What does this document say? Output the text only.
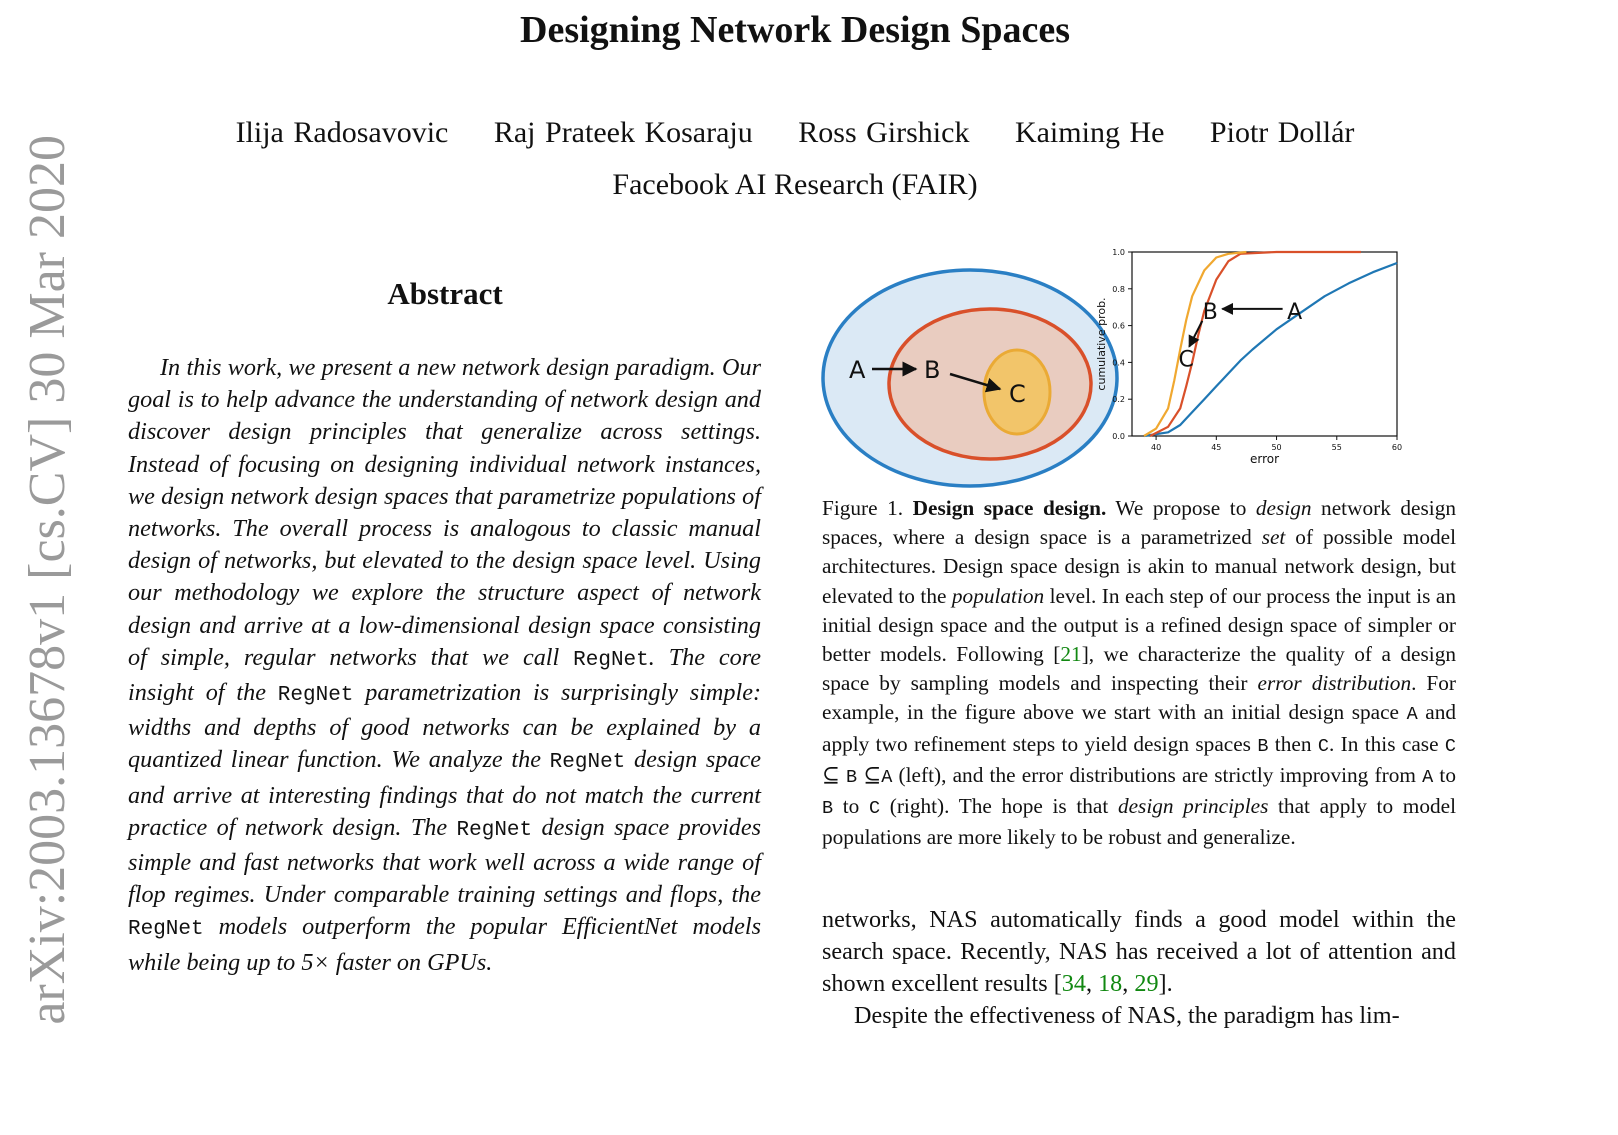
Designing Network Design Spaces
Ilija Radosavovic Raj Prateek Kosaraju Ross Girshick Kaiming He Piotr Dollár
Facebook AI Research (FAIR)
arXiv:2003.13678v1 [cs.CV] 30 Mar 2020	Abstract
In this work, we present a new network design paradigm. Our goal is to help advance the understanding of network design and discover design principles that generalize across settings. Instead of focusing on designing individual network instances, we design network design spaces that parametrize populations of networks. The overall process is analogous to classic manual design of networks, but elevated to the design space level. Using our methodology we explore the structure aspect of network design and arrive at a low-dimensional design space consisting of simple, regular networks that we call RegNet. The core insight of the RegNet parametrization is surprisingly simple: widths and depths of good networks can be explained by a quantized linear function. We analyze the RegNet design space and arrive at interesting findings that do not match the current practice of network design. The RegNet design space provides simple and fast networks that work well across a wide range of flop regimes. Under comparable training settings and flops, the RegNet models outperform the popular EfficientNet models while being up to 5× faster on GPUs.
A B
C
0.0
0.2
0.4
0.6
0.8
1.0
40	45	50	55	60
error
cumulative prob.	A
B
C
Figure 1. Design space design. We propose to design network design spaces, where a design space is a parametrized set of possible model architectures. Design space design is akin to manual network design, but elevated to the population level. In each step of our process the input is an initial design space and the output is a refined design space of simpler or better models. Following [21], we characterize the quality of a design space by sampling models and inspecting their error distribution. For example, in the figure above we start with an initial design space A and apply two refinement steps to yield design spaces B then C. In this case C ⊆ B ⊆A (left), and the error distributions are strictly improving from A to B to C (right). The hope is that design principles that apply to model populations are more likely to be robust and generalize.
networks, NAS automatically finds a good model within the search space. Recently, NAS has received a lot of attention and shown excellent results [34, 18, 29].
Despite the effectiveness of NAS, the paradigm has lim-
